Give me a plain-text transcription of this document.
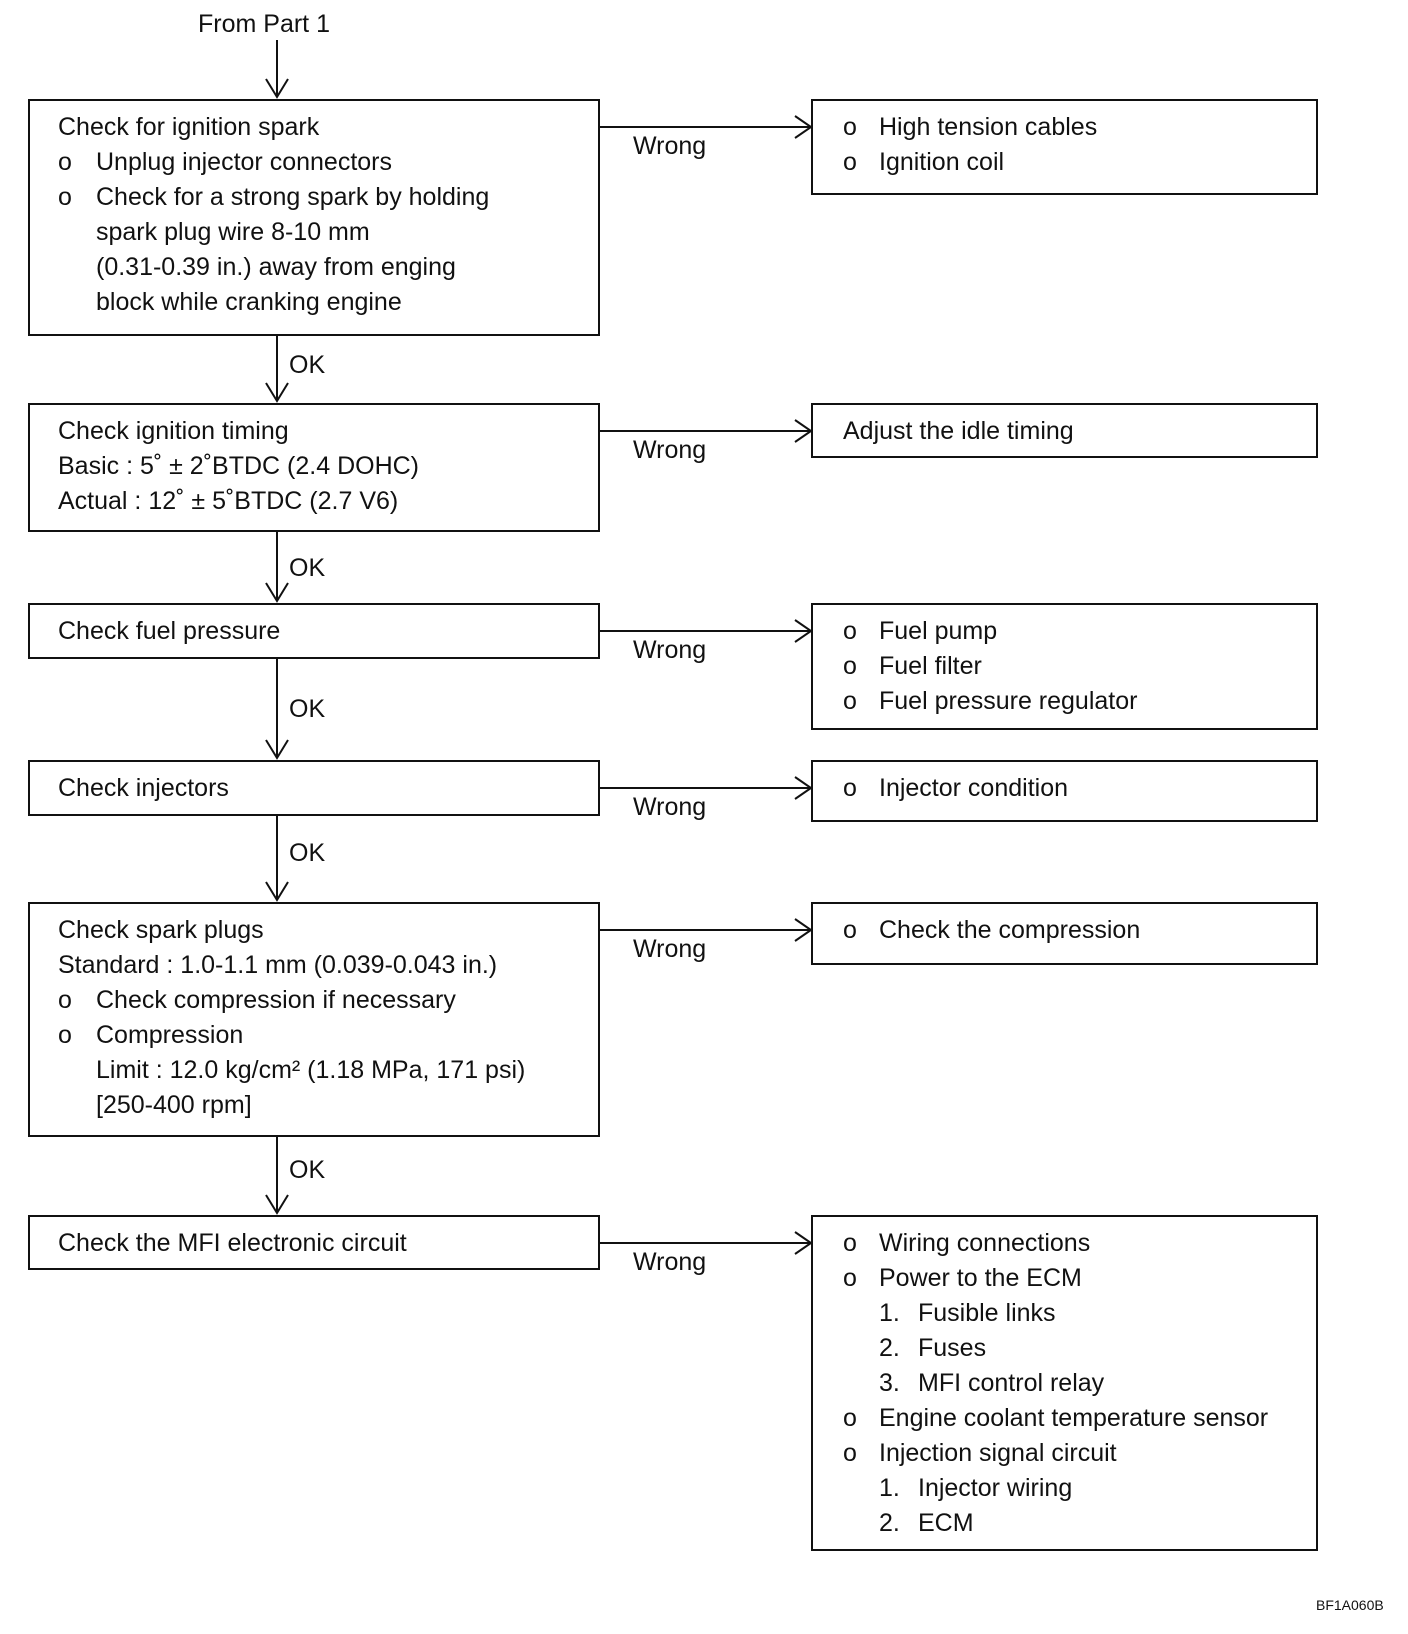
From Part 1
BF1A060B
Check for ignition spark
o Unplug injector connectors
o Check for a strong spark by holding
spark plug wire 8-10 mm
(0.31-0.39 in.) away from enging
block while cranking engine
o High tension cables
o Ignition coil
Wrong
OK
Check ignition timing
Basic : 5˚ ± 2˚BTDC (2.4 DOHC)
Actual : 12˚ ± 5˚BTDC (2.7 V6)
Adjust the idle timing
Wrong
OK
Check fuel pressure	o Fuel pump
o Fuel filter
o Fuel pressure regulator
Wrong
OK
Check injectors	o Injector condition
Wrong
OK
Check spark plugs
Standard : 1.0-1.1 mm (0.039-0.043 in.)
o Check compression if necessary
o Compression
Limit : 12.0 kg/cm² (1.18 MPa, 171 psi)
[250-400 rpm]
o Check the compression
Wrong
OK
Check the MFI electronic circuit	o Wiring connections
o Power to the ECM
1. Fusible links
2. Fuses
3. MFI control relay
o Engine coolant temperature sensor
o Injection signal circuit
1. Injector wiring
2. ECM
Wrong
